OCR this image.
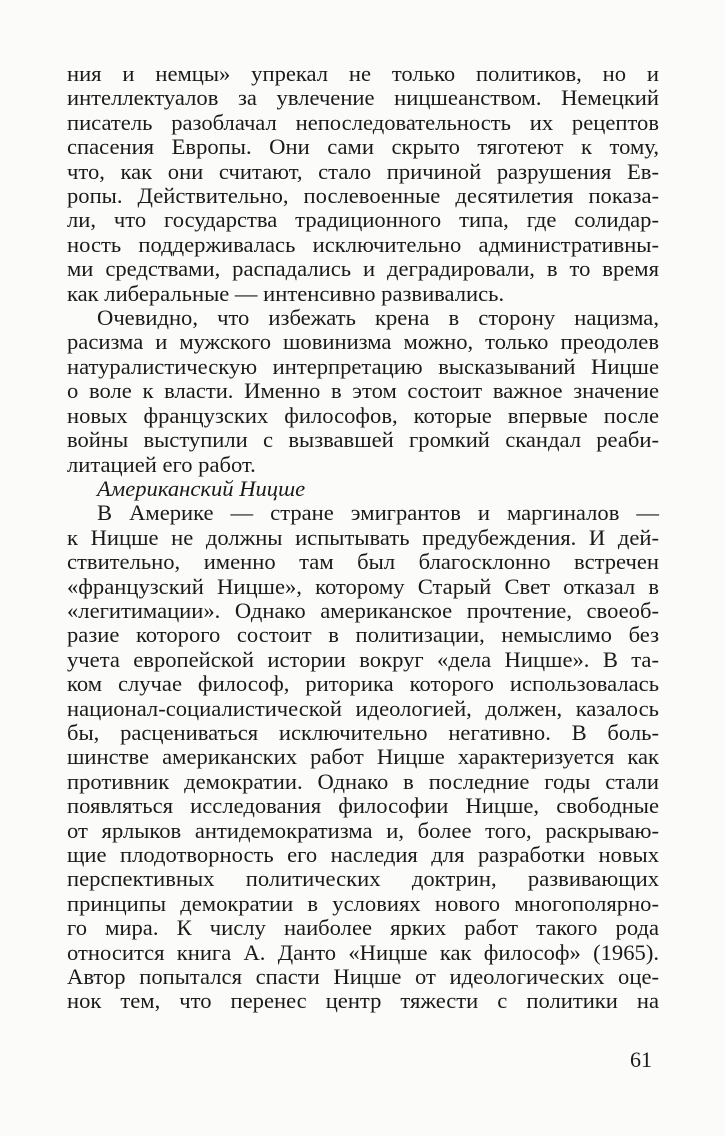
ния и немцы» упрекал не только политиков, но и
интеллектуалов за увлечение ницшеанством. Немецкий
писатель разоблачал непоследовательность их рецептов
спасения Европы. Они сами скрыто тяготеют к тому,
что, как они считают, стало причиной разрушения Ев-
ропы. Действительно, послевоенные десятилетия показа-
ли, что государства традиционного типа, где солидар-
ность поддерживалась исключительно административны-
ми средствами, распадались и деградировали, в то время
как либеральные — интенсивно развивались.
Очевидно, что избежать крена в сторону нацизма,
расизма и мужского шовинизма можно, только преодолев
натуралистическую интерпретацию высказываний Ницше
о воле к власти. Именно в этом состоит важное значение
новых французских философов, которые впервые после
войны выступили с вызвавшей громкий скандал реаби-
литацией его работ.
Американский Ницше
В Америке — стране эмигрантов и маргиналов —
к Ницше не должны испытывать предубеждения. И дей-
ствительно, именно там был благосклонно встречен
«французский Ницше», которому Старый Свет отказал в
«легитимации». Однако американское прочтение, своеоб-
разие которого состоит в политизации, немыслимо без
учета европейской истории вокруг «дела Ницше». В та-
ком случае философ, риторика которого использовалась
национал-социалистической идеологией, должен, казалось
бы, расцениваться исключительно негативно. В боль-
шинстве американских работ Ницше характеризуется как
противник демократии. Однако в последние годы стали
появляться исследования философии Ницше, свободные
от ярлыков антидемократизма и, более того, раскрываю-
щие плодотворность его наследия для разработки новых
перспективных политических доктрин, развивающих
принципы демократии в условиях нового многополярно-
го мира. К числу наиболее ярких работ такого рода
относится книга А. Данто «Ницше как философ» (1965).
Автор попытался спасти Ницше от идеологических оце-
нок тем, что перенес центр тяжести с политики на
61
